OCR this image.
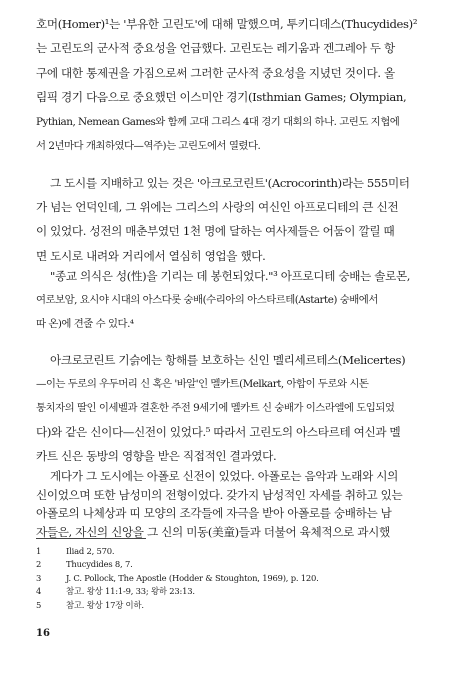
호머(Homer)¹는 '부유한 고린도'에 대해 말했으며, 투키디데스(Thucydides)²
는 고린도의 군사적 중요성을 언급했다. 고린도는 레기움과 겐그레아 두 항
구에 대한 통제권을 가짐으로써 그러한 군사적 중요성을 지녔던 것이다. 올
림픽 경기 다음으로 중요했던 이스미안 경기(Isthmian Games; Olympian,
Pythian, Nemean Games와 함께 고대 그리스 4대 경기 대회의 하나. 고린도 지협에
서 2년마다 개최하였다—역주)는 고린도에서 열렸다.
그 도시를 지배하고 있는 것은 '아크로코린트'(Acrocorinth)라는 555미터
가 넘는 언덕인데, 그 위에는 그리스의 사랑의 여신인 아프로디테의 큰 신전
이 있었다. 성전의 매춘부였던 1천 명에 달하는 여사제들은 어둠이 깔릴 때
면 도시로 내려와 거리에서 열심히 영업을 했다.
"종교 의식은 성(性)을 기리는 데 봉헌되었다."³ 아프로디테 숭배는 솔로몬,
여로보암, 요시야 시대의 아스다롯 숭배(수리아의 아스타르테(Astarte) 숭배에서
따 온)에 견줄 수 있다.⁴
아크로코린트 기슭에는 항해를 보호하는 신인 멜리세르테스(Melicertes)
—이는 두로의 우두머리 신 혹은 '바알'인 멜카트(Melkart, 아합이 두로와 시돈
통치자의 딸인 이세벨과 결혼한 주전 9세기에 멜카트 신 숭배가 이스라엘에 도입되었
다)와 같은 신이다—신전이 있었다.⁵ 따라서 고린도의 아스타르테 여신과 멜
카트 신은 동방의 영향을 받은 직접적인 결과였다.
게다가 그 도시에는 아폴로 신전이 있었다. 아폴로는 음악과 노래와 시의
신이었으며 또한 남성미의 전형이었다. 갖가지 남성적인 자세를 취하고 있는
아폴로의 나체상과 띠 모양의 조각들에 자극을 받아 아폴로를 숭배하는 남
자들은, 자신의 신앙을 그 신의 미동(美童)들과 더불어 육체적으로 과시했
1	Iliad 2, 570.
2	Thucydides 8, 7.
3	J. C. Pollock, The Apostle (Hodder & Stoughton, 1969), p. 120.
4	참고. 왕상 11:1-9, 33; 왕하 23:13.
5	참고. 왕상 17장 이하.
16
